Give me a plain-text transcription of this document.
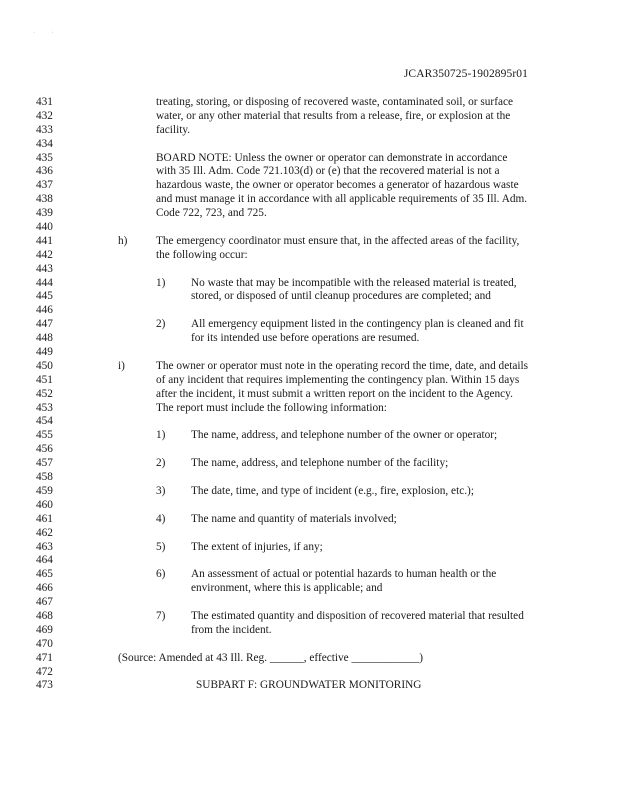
·           ·
JCAR350725-1902895r01
431	treating, storing, or disposing of recovered waste, contaminated soil, or surface
432	water, or any other material that results from a release, fire, or explosion at the
433	facility.
434
435	BOARD NOTE: Unless the owner or operator can demonstrate in accordance
436	with 35 Ill. Adm. Code 721.103(d) or (e) that the recovered material is not a
437	hazardous waste, the owner or operator becomes a generator of hazardous waste
438	and must manage it in accordance with all applicable requirements of 35 Ill. Adm.
439	Code 722, 723, and 725.
440
441	h)	The emergency coordinator must ensure that, in the affected areas of the facility,
442	the following occur:
443
444	1) No waste that may be incompatible with the released material is treated,
445	stored, or disposed of until cleanup procedures are completed; and
446
447	2) All emergency equipment listed in the contingency plan is cleaned and fit
448	for its intended use before operations are resumed.
449
450	i)	The owner or operator must note in the operating record the time, date, and details
451	of any incident that requires implementing the contingency plan. Within 15 days
452	after the incident, it must submit a written report on the incident to the Agency.
453	The report must include the following information:
454
455	1) The name, address, and telephone number of the owner or operator;
456
457	2) The name, address, and telephone number of the facility;
458
459	3) The date, time, and type of incident (e.g., fire, explosion, etc.);
460
461	4) The name and quantity of materials involved;
462
463	5) The extent of injuries, if any;
464
465	6) An assessment of actual or potential hazards to human health or the
466	environment, where this is applicable; and
467
468	7) The estimated quantity and disposition of recovered material that resulted
469	from the incident.
470
471	(Source: Amended at 43 Ill. Reg. ______, effective ____________)
472
473	SUBPART F: GROUNDWATER MONITORING
